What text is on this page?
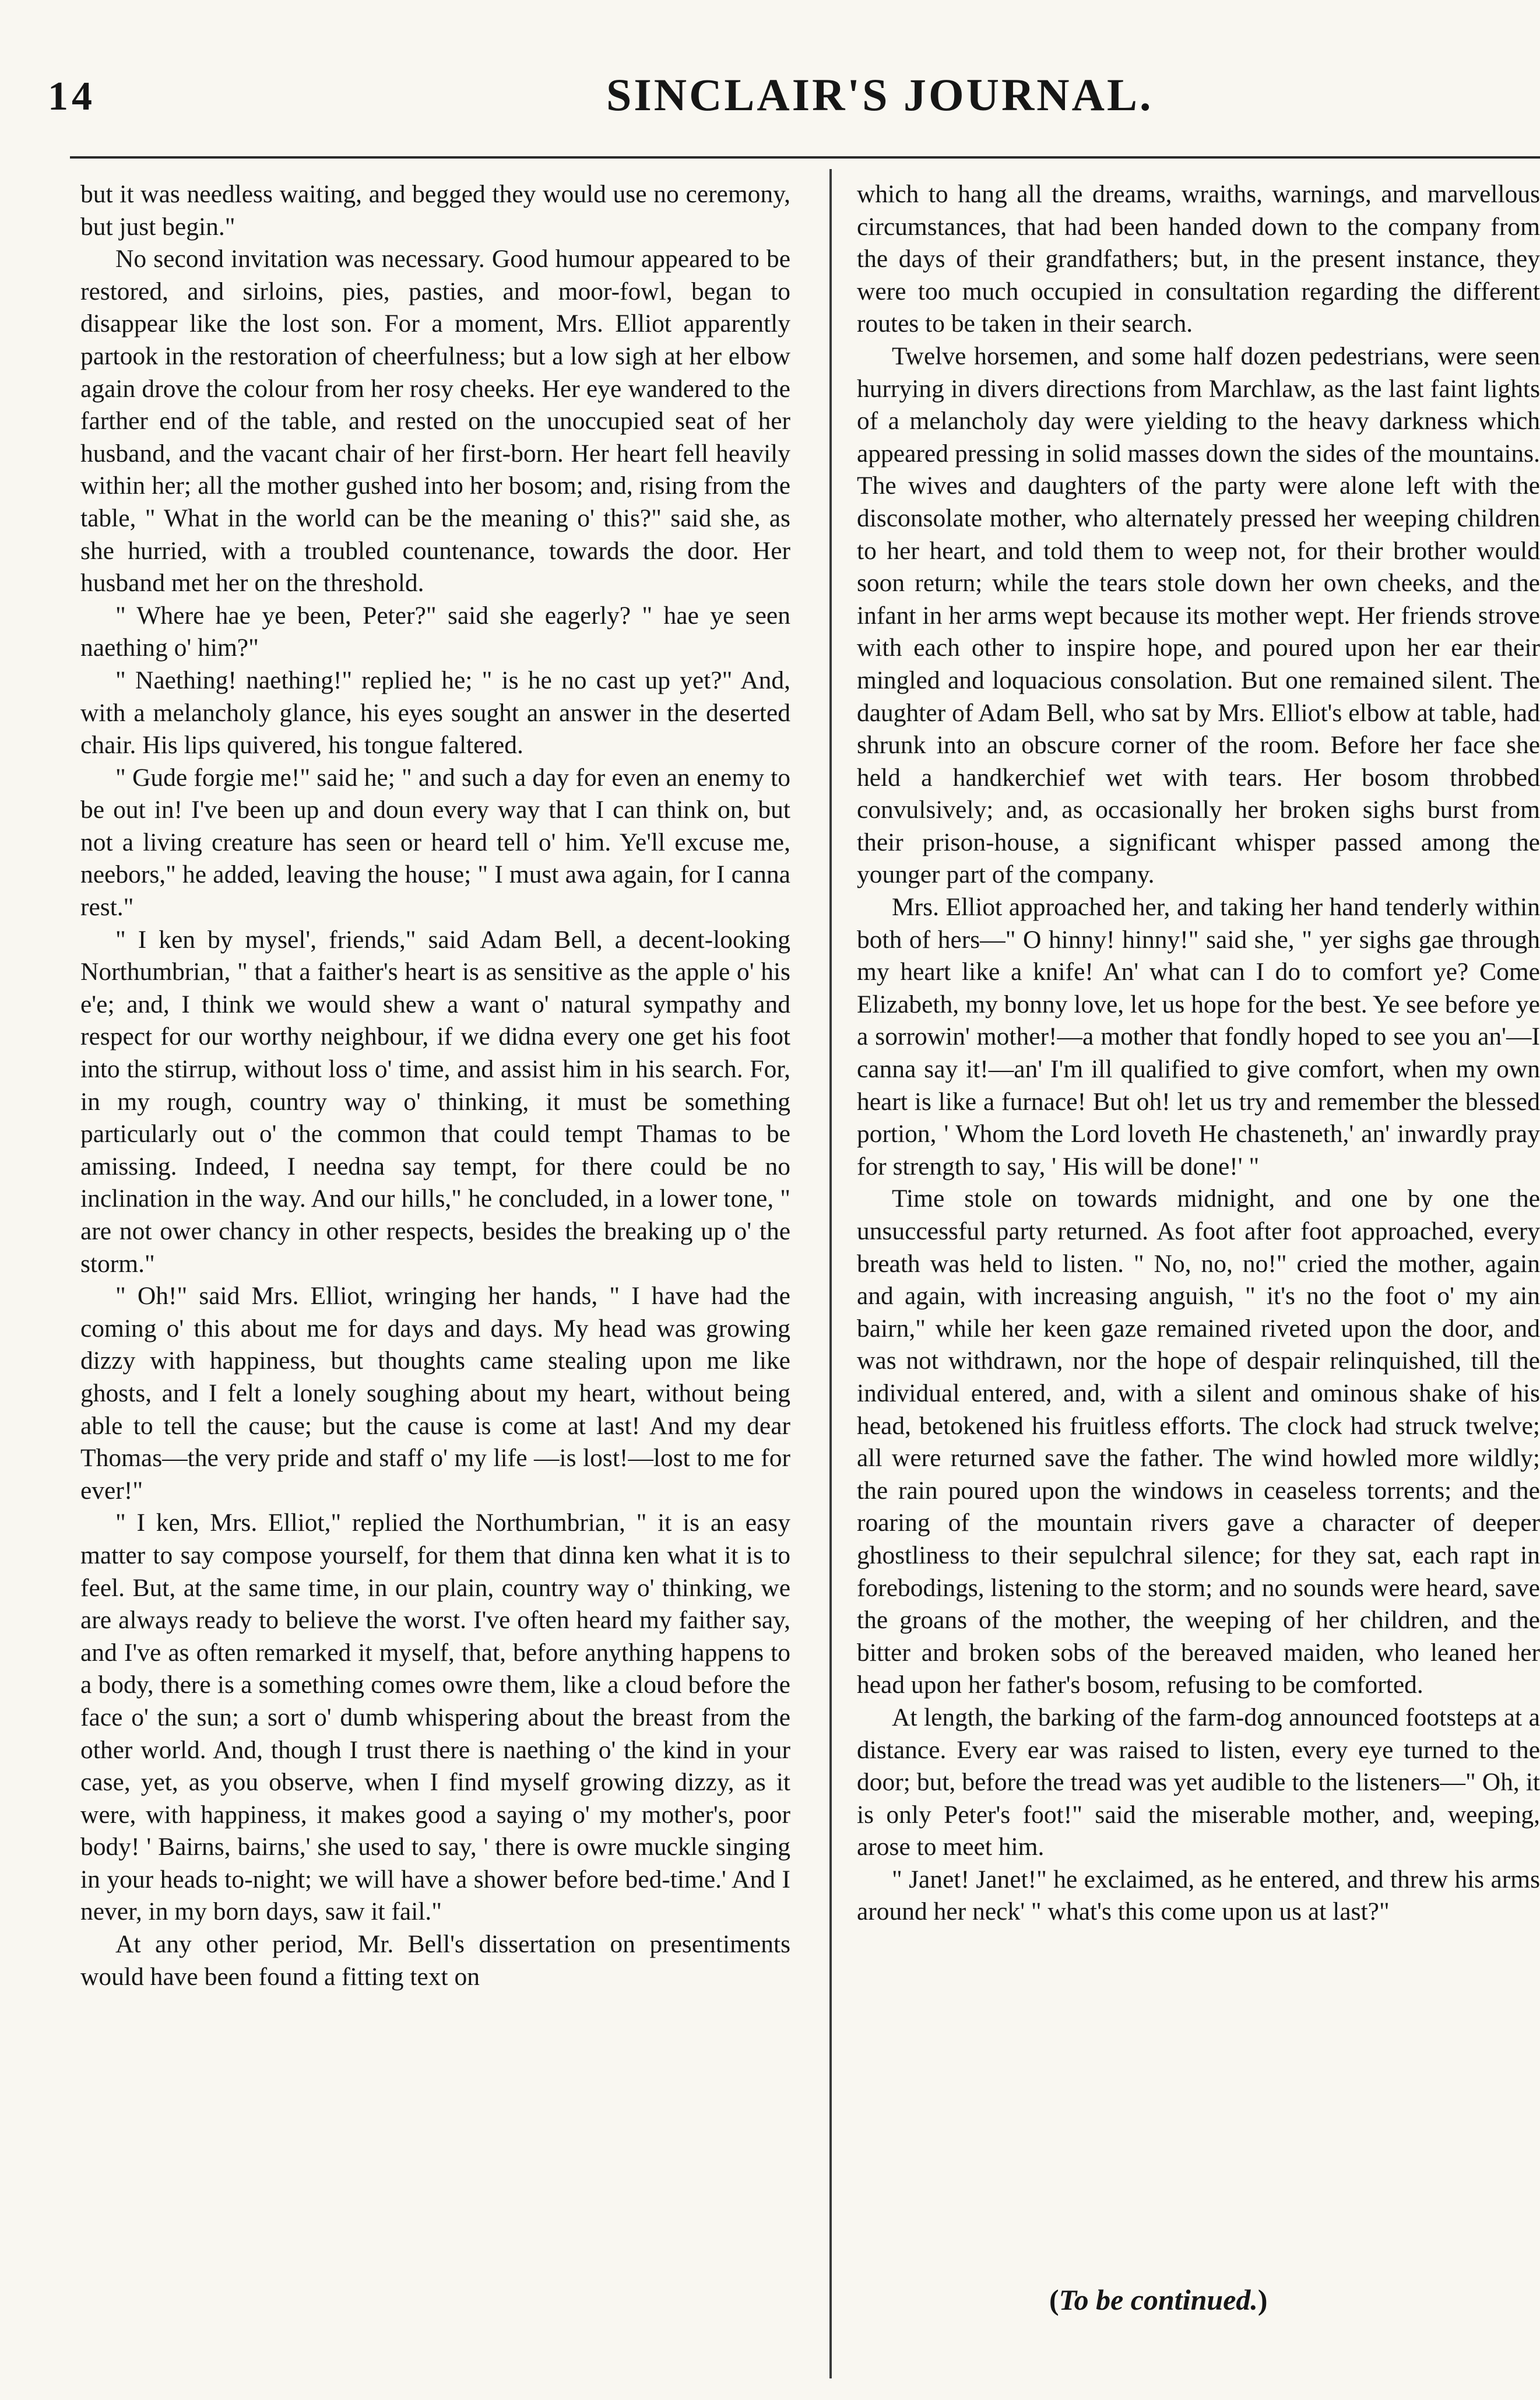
14	SINCLAIR'S JOURNAL.

but it was needless waiting, and begged they would use no ceremony, but just begin."

No second invitation was necessary. Good humour appeared to be restored, and sirloins, pies, pasties, and moor-fowl, began to disappear like the lost son. For a moment, Mrs. Elliot apparently partook in the restoration of cheerfulness; but a low sigh at her elbow again drove the colour from her rosy cheeks. Her eye wandered to the farther end of the table, and rested on the unoccupied seat of her husband, and the vacant chair of her first-born. Her heart fell heavily within her; all the mother gushed into her bosom; and, rising from the table, " What in the world can be the meaning o' this?" said she, as she hurried, with a troubled countenance, towards the door. Her husband met her on the threshold.

" Where hae ye been, Peter?" said she eagerly? " hae ye seen naething o' him?"

" Naething! naething!" replied he; " is he no cast up yet?" And, with a melancholy glance, his eyes sought an answer in the deserted chair. His lips quivered, his tongue faltered.

" Gude forgie me!" said he; " and such a day for even an enemy to be out in! I've been up and doun every way that I can think on, but not a living creature has seen or heard tell o' him. Ye'll excuse me, neebors," he added, leaving the house; " I must awa again, for I canna rest."

" I ken by mysel', friends," said Adam Bell, a decent-looking Northumbrian, " that a faither's heart is as sensitive as the apple o' his e'e; and, I think we would shew a want o' natural sympathy and respect for our worthy neighbour, if we didna every one get his foot into the stirrup, without loss o' time, and assist him in his search. For, in my rough, country way o' thinking, it must be something particularly out o' the common that could tempt Thamas to be amissing. Indeed, I needna say tempt, for there could be no inclination in the way. And our hills," he concluded, in a lower tone, " are not ower chancy in other respects, besides the breaking up o' the storm."

" Oh!" said Mrs. Elliot, wringing her hands, " I have had the coming o' this about me for days and days. My head was growing dizzy with happiness, but thoughts came stealing upon me like ghosts, and I felt a lonely soughing about my heart, without being able to tell the cause; but the cause is come at last! And my dear Thomas—the very pride and staff o' my life —is lost!—lost to me for ever!"

" I ken, Mrs. Elliot," replied the Northumbrian, " it is an easy matter to say compose yourself, for them that dinna ken what it is to feel. But, at the same time, in our plain, country way o' thinking, we are always ready to believe the worst. I've often heard my faither say, and I've as often remarked it myself, that, before anything happens to a body, there is a something comes owre them, like a cloud before the face o' the sun; a sort o' dumb whispering about the breast from the other world. And, though I trust there is naething o' the kind in your case, yet, as you observe, when I find myself growing dizzy, as it were, with happiness, it makes good a saying o' my mother's, poor body! ' Bairns, bairns,' she used to say, ' there is owre muckle singing in your heads to-night; we will have a shower before bed-time.' And I never, in my born days, saw it fail."

At any other period, Mr. Bell's dissertation on presentiments would have been found a fitting text on

which to hang all the dreams, wraiths, warnings, and marvellous circumstances, that had been handed down to the company from the days of their grandfathers; but, in the present instance, they were too much occupied in consultation regarding the different routes to be taken in their search.

Twelve horsemen, and some half dozen pedestrians, were seen hurrying in divers directions from Marchlaw, as the last faint lights of a melancholy day were yielding to the heavy darkness which appeared pressing in solid masses down the sides of the mountains. The wives and daughters of the party were alone left with the disconsolate mother, who alternately pressed her weeping children to her heart, and told them to weep not, for their brother would soon return; while the tears stole down her own cheeks, and the infant in her arms wept because its mother wept. Her friends strove with each other to inspire hope, and poured upon her ear their mingled and loquacious consolation. But one remained silent. The daughter of Adam Bell, who sat by Mrs. Elliot's elbow at table, had shrunk into an obscure corner of the room. Before her face she held a handkerchief wet with tears. Her bosom throbbed convulsively; and, as occasionally her broken sighs burst from their prison-house, a significant whisper passed among the younger part of the company.

Mrs. Elliot approached her, and taking her hand tenderly within both of hers—" O hinny! hinny!" said she, " yer sighs gae through my heart like a knife! An' what can I do to comfort ye? Come Elizabeth, my bonny love, let us hope for the best. Ye see before ye a sorrowin' mother!—a mother that fondly hoped to see you an'—I canna say it!—an' I'm ill qualified to give comfort, when my own heart is like a furnace! But oh! let us try and remember the blessed portion, ' Whom the Lord loveth He chasteneth,' an' inwardly pray for strength to say, ' His will be done!' "

Time stole on towards midnight, and one by one the unsuccessful party returned. As foot after foot approached, every breath was held to listen. " No, no, no!" cried the mother, again and again, with increasing anguish, " it's no the foot o' my ain bairn," while her keen gaze remained riveted upon the door, and was not withdrawn, nor the hope of despair relinquished, till the individual entered, and, with a silent and ominous shake of his head, betokened his fruitless efforts. The clock had struck twelve; all were returned save the father. The wind howled more wildly; the rain poured upon the windows in ceaseless torrents; and the roaring of the mountain rivers gave a character of deeper ghostliness to their sepulchral silence; for they sat, each rapt in forebodings, listening to the storm; and no sounds were heard, save the groans of the mother, the weeping of her children, and the bitter and broken sobs of the bereaved maiden, who leaned her head upon her father's bosom, refusing to be comforted.

At length, the barking of the farm-dog announced footsteps at a distance. Every ear was raised to listen, every eye turned to the door; but, before the tread was yet audible to the listeners—" Oh, it is only Peter's foot!" said the miserable mother, and, weeping, arose to meet him.

" Janet! Janet!" he exclaimed, as he entered, and threw his arms around her neck' " what's this come upon us at last?"

(To be continued.)
